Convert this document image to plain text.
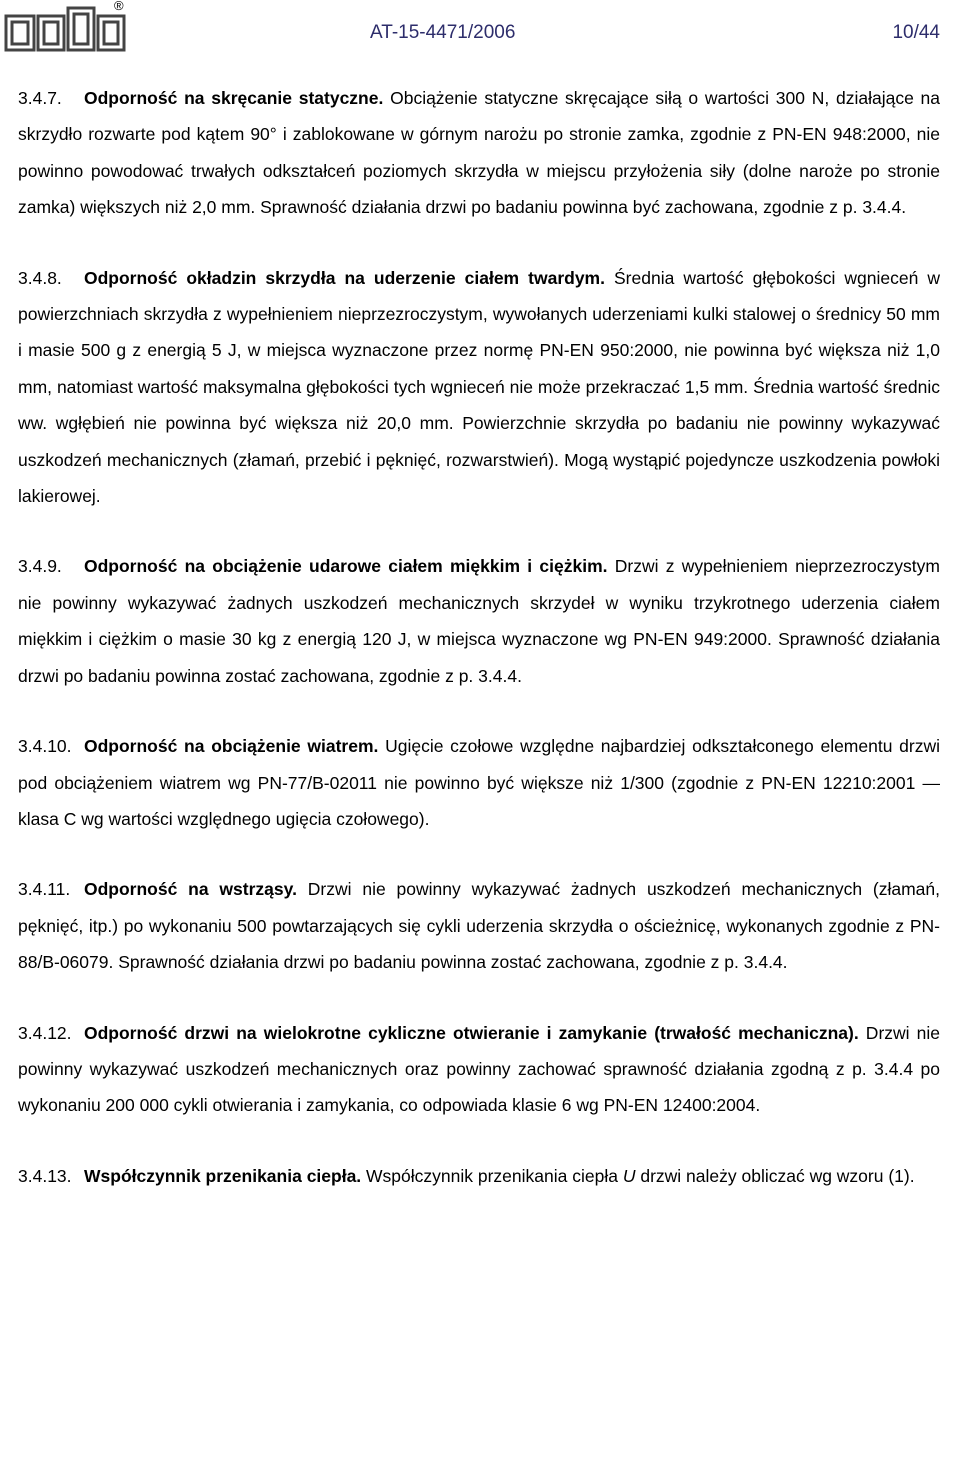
®
AT-15-4471/2006	10/44

3.4.7. Odporność na skręcanie statyczne. Obciążenie statyczne skręcające siłą o wartości 300 N, działające na skrzydło rozwarte pod kątem 90° i zablokowane w górnym narożu po stronie zamka, zgodnie z PN-EN 948:2000, nie powinno powodować trwałych odkształceń poziomych skrzydła w miejscu przyłożenia siły (dolne naroże po stronie zamka) większych niż 2,0 mm. Sprawność działania drzwi po badaniu powinna być zachowana, zgodnie z p. 3.4.4.

3.4.8. Odporność okładzin skrzydła na uderzenie ciałem twardym. Średnia wartość głębokości wgnieceń w powierzchniach skrzydła z wypełnieniem nieprzezroczystym, wywołanych uderzeniami kulki stalowej o średnicy 50 mm i masie 500 g z energią 5 J, w miejsca wyznaczone przez normę PN-EN 950:2000, nie powinna być większa niż 1,0 mm, natomiast wartość maksymalna głębokości tych wgnieceń nie może przekraczać 1,5 mm. Średnia wartość średnic ww. wgłębień nie powinna być większa niż 20,0 mm. Powierzchnie skrzydła po badaniu nie powinny wykazywać uszkodzeń mechanicznych (złamań, przebić i pęknięć, rozwarstwień). Mogą wystąpić pojedyncze uszkodzenia powłoki lakierowej.

3.4.9. Odporność na obciążenie udarowe ciałem miękkim i ciężkim. Drzwi z wypełnieniem nieprzezroczystym nie powinny wykazywać żadnych uszkodzeń mechanicznych skrzydeł w wyniku trzykrotnego uderzenia ciałem miękkim i ciężkim o masie 30 kg z energią 120 J, w miejsca wyznaczone wg PN-EN 949:2000. Sprawność działania drzwi po badaniu powinna zostać zachowana, zgodnie z p. 3.4.4.

3.4.10. Odporność na obciążenie wiatrem. Ugięcie czołowe względne najbardziej odkształconego elementu drzwi pod obciążeniem wiatrem wg PN-77/B-02011 nie powinno być większe niż 1/300 (zgodnie z PN-EN 12210:2001 — klasa C wg wartości względnego ugięcia czołowego).

3.4.11. Odporność na wstrząsy. Drzwi nie powinny wykazywać żadnych uszkodzeń mechanicznych (złamań, pęknięć, itp.) po wykonaniu 500 powtarzających się cykli uderzenia skrzydła o ościeżnicę, wykonanych zgodnie z PN-88/B-06079. Sprawność działania drzwi po badaniu powinna zostać zachowana, zgodnie z p. 3.4.4.

3.4.12. Odporność drzwi na wielokrotne cykliczne otwieranie i zamykanie (trwałość mechaniczna). Drzwi nie powinny wykazywać uszkodzeń mechanicznych oraz powinny zachować sprawność działania zgodną z p. 3.4.4 po wykonaniu 200 000 cykli otwierania i zamykania, co odpowiada klasie 6 wg PN-EN 12400:2004.

3.4.13. Współczynnik przenikania ciepła. Współczynnik przenikania ciepła U drzwi należy obliczać wg wzoru (1).
